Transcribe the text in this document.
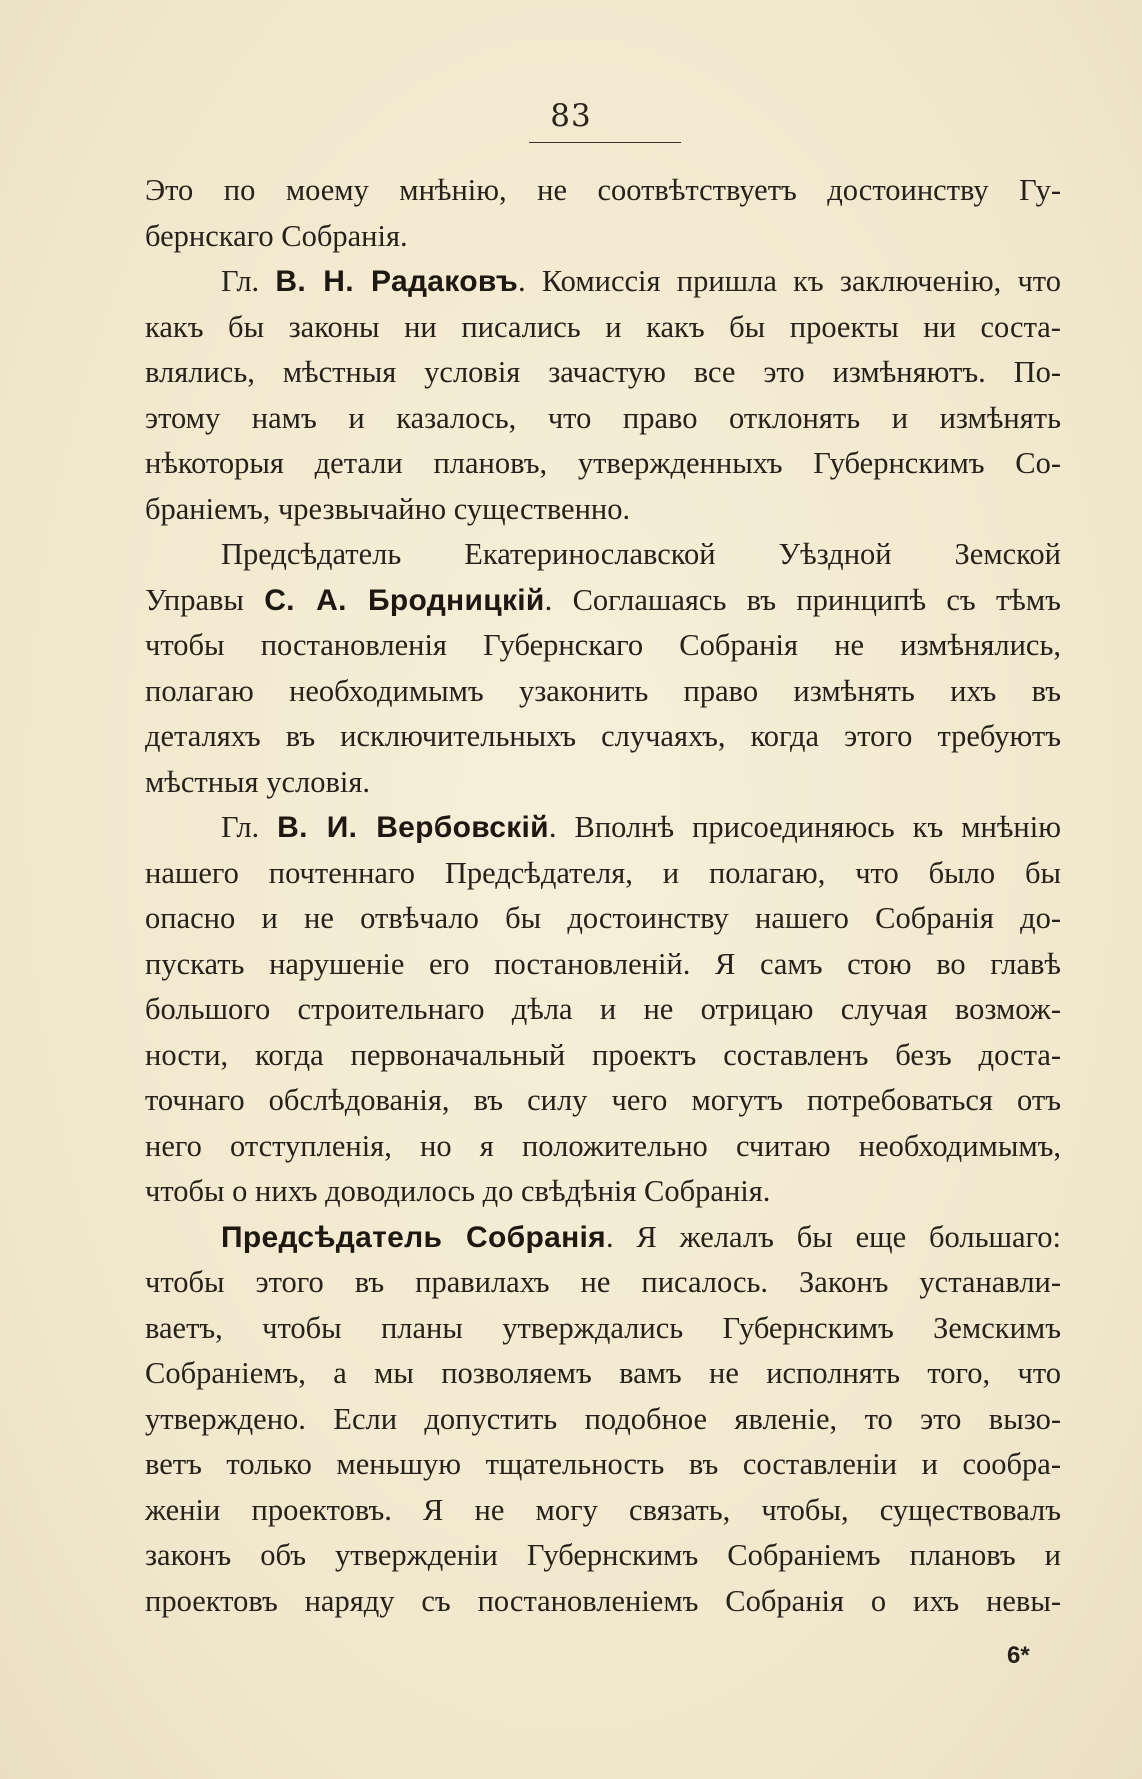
83
Это по моему мнѣнію, не соотвѣтствуетъ достоинству Гу-
бернскаго Собранія.
Гл. В. Н. Радаковъ. Комиссія пришла къ заключенію, что
какъ бы законы ни писались и какъ бы проекты ни соста-
влялись, мѣстныя условія зачастую все это измѣняютъ. По-
этому намъ и казалось, что право отклонять и измѣнять
нѣкоторыя детали плановъ, утвержденныхъ Губернскимъ Со-
браніемъ, чрезвычайно существенно.
Предсѣдатель Екатеринославской Уѣздной Земской
Управы С. А. Бродницкій. Соглашаясь въ принципѣ съ тѣмъ
чтобы постановленія Губернскаго Собранія не измѣнялись,
полагаю необходимымъ узаконить право измѣнять ихъ въ
деталяхъ въ исключительныхъ случаяхъ, когда этого требуютъ
мѣстныя условія.
Гл. В. И. Вербовскій. Вполнѣ присоединяюсь къ мнѣнію
нашего почтеннаго Предсѣдателя, и полагаю, что было бы
опасно и не отвѣчало бы достоинству нашего Собранія до-
пускать нарушеніе его постановленій. Я самъ стою во главѣ
большого строительнаго дѣла и не отрицаю случая возмож-
ности, когда первоначальный проектъ составленъ безъ доста-
точнаго обслѣдованія, въ силу чего могутъ потребоваться отъ
него отступленія, но я положительно считаю необходимымъ,
чтобы о нихъ доводилось до свѣдѣнія Собранія.
Предсѣдатель Собранія. Я желалъ бы еще большаго:
чтобы этого въ правилахъ не писалось. Законъ устанавли-
ваетъ, чтобы планы утверждались Губернскимъ Земскимъ
Собраніемъ, а мы позволяемъ вамъ не исполнять того, что
утверждено. Если допустить подобное явленіе, то это вызо-
ветъ только меньшую тщательность въ составленіи и сообра-
женіи проектовъ. Я не могу связать, чтобы, существовалъ
законъ объ утвержденіи Губернскимъ Собраніемъ плановъ и
проектовъ наряду съ постановленіемъ Собранія о ихъ невы-
6*
